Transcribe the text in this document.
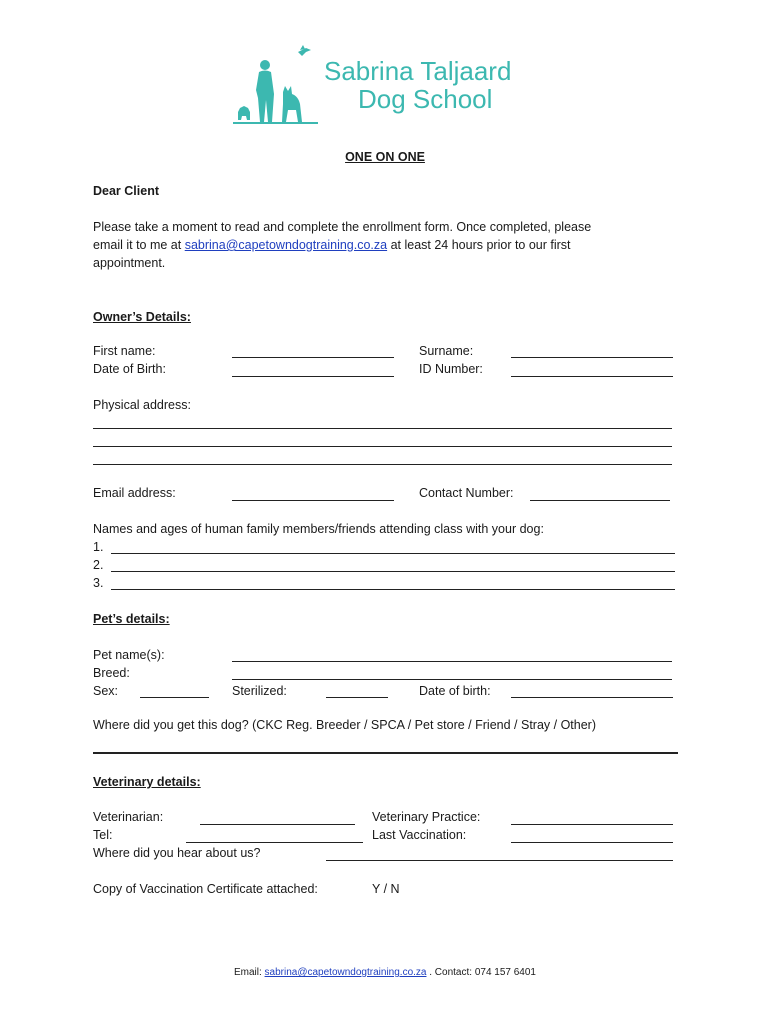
Sabrina Taljaard
Dog School
ONE ON ONE
Dear Client
Please take a moment to read and complete the enrollment form. Once completed, please
email it to me at sabrina@capetowndogtraining.co.za at least 24 hours prior to our first
appointment.
Owner’s Details:
First name:	Surname:
Date of Birth:	ID Number:
Physical address:
Email address:	Contact Number:
Names and ages of human family members/friends attending class with your dog:
1.
2.
3.
Pet’s details:
Pet name(s):
Breed:
Sex:	Sterilized:	Date of birth:
Where did you get this dog? (CKC Reg. Breeder / SPCA / Pet store / Friend / Stray / Other)
Veterinary details:
Veterinarian:	Veterinary Practice:
Tel:	Last Vaccination:
Where did you hear about us?
Copy of Vaccination Certificate attached:	Y / N
Email: sabrina@capetowndogtraining.co.za . Contact: 074 157 6401
